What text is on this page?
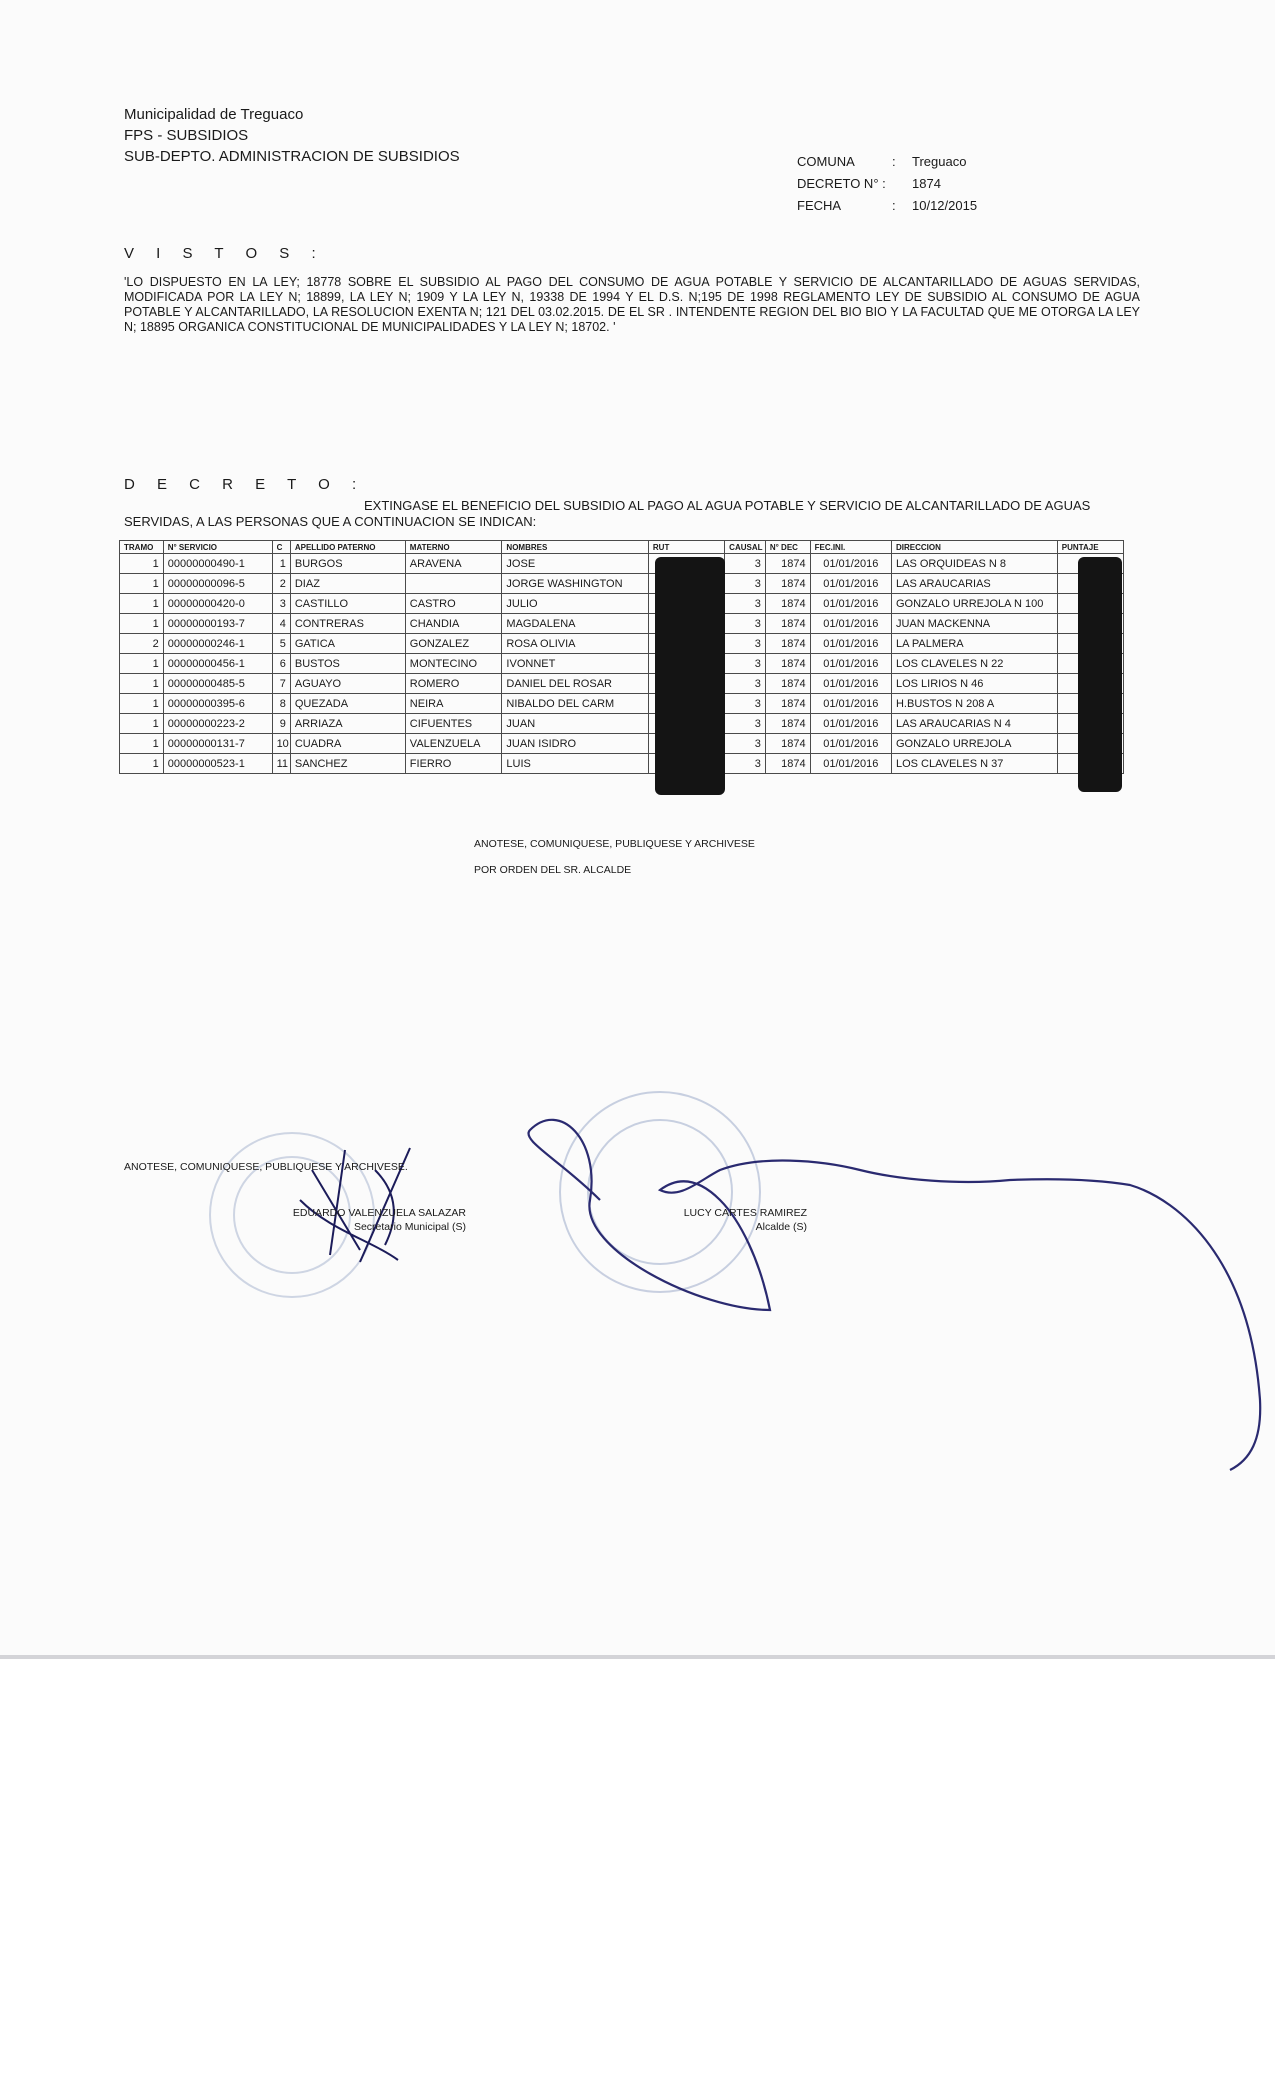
Municipalidad de Treguaco
FPS - SUBSIDIOS
SUB-DEPTO. ADMINISTRACION DE SUBSIDIOS	COMUNA	:	Treguaco
DECRETO N° :	1874
FECHA	:	10/12/2015
V I S T O S :
'LO DISPUESTO EN LA LEY; 18778 SOBRE EL SUBSIDIO AL PAGO DEL CONSUMO DE AGUA POTABLE Y SERVICIO DE ALCANTARILLADO DE AGUAS SERVIDAS, MODIFICADA POR LA LEY N; 18899, LA LEY N; 1909 Y LA LEY N, 19338 DE 1994 Y EL D.S. N;195 DE 1998 REGLAMENTO LEY DE SUBSIDIO AL CONSUMO DE AGUA POTABLE Y ALCANTARILLADO, LA RESOLUCION EXENTA N; 121 DEL 03.02.2015. DE EL SR . INTENDENTE REGION DEL BIO BIO Y LA FACULTAD QUE ME OTORGA LA LEY N; 18895 ORGANICA CONSTITUCIONAL DE MUNICIPALIDADES Y LA LEY N; 18702. '
D E C R E T O :
EXTINGASE EL BENEFICIO DEL SUBSIDIO AL PAGO AL AGUA POTABLE Y SERVICIO DE ALCANTARILLADO DE AGUAS
SERVIDAS, A LAS PERSONAS QUE A CONTINUACION SE INDICAN:
TRAMO	N° SERVICIO	C	APELLIDO PATERNO	MATERNO	NOMBRES	RUT	CAUSAL	N° DEC	FEC.INI.	DIRECCION	PUNTAJE
1	00000000490-1	1	BURGOS	ARAVENA	JOSE		3	1874	01/01/2016	LAS ORQUIDEAS N 8	
1	00000000096-5	2	DIAZ		JORGE WASHINGTON		3	1874	01/01/2016	LAS ARAUCARIAS	
1	00000000420-0	3	CASTILLO	CASTRO	JULIO		3	1874	01/01/2016	GONZALO URREJOLA N 100	
1	00000000193-7	4	CONTRERAS	CHANDIA	MAGDALENA		3	1874	01/01/2016	JUAN MACKENNA	
2	00000000246-1	5	GATICA	GONZALEZ	ROSA OLIVIA		3	1874	01/01/2016	LA PALMERA	
1	00000000456-1	6	BUSTOS	MONTECINO	IVONNET		3	1874	01/01/2016	LOS CLAVELES N 22	
1	00000000485-5	7	AGUAYO	ROMERO	DANIEL DEL ROSAR		3	1874	01/01/2016	LOS LIRIOS N 46	
1	00000000395-6	8	QUEZADA	NEIRA	NIBALDO DEL CARM		3	1874	01/01/2016	H.BUSTOS N 208 A	
1	00000000223-2	9	ARRIAZA	CIFUENTES	JUAN		3	1874	01/01/2016	LAS ARAUCARIAS N 4	
1	00000000131-7	10	CUADRA	VALENZUELA	JUAN ISIDRO		3	1874	01/01/2016	GONZALO URREJOLA	
1	00000000523-1	11	SANCHEZ	FIERRO	LUIS		3	1874	01/01/2016	LOS CLAVELES N 37	
ANOTESE, COMUNIQUESE, PUBLIQUESE Y ARCHIVESE
POR ORDEN DEL SR. ALCALDE
ANOTESE, COMUNIQUESE, PUBLIQUESE Y ARCHIVESE.
EDUARDO VALENZUELA SALAZAR
Secretario Municipal (S)
LUCY CARTES RAMIREZ
Alcalde (S)
